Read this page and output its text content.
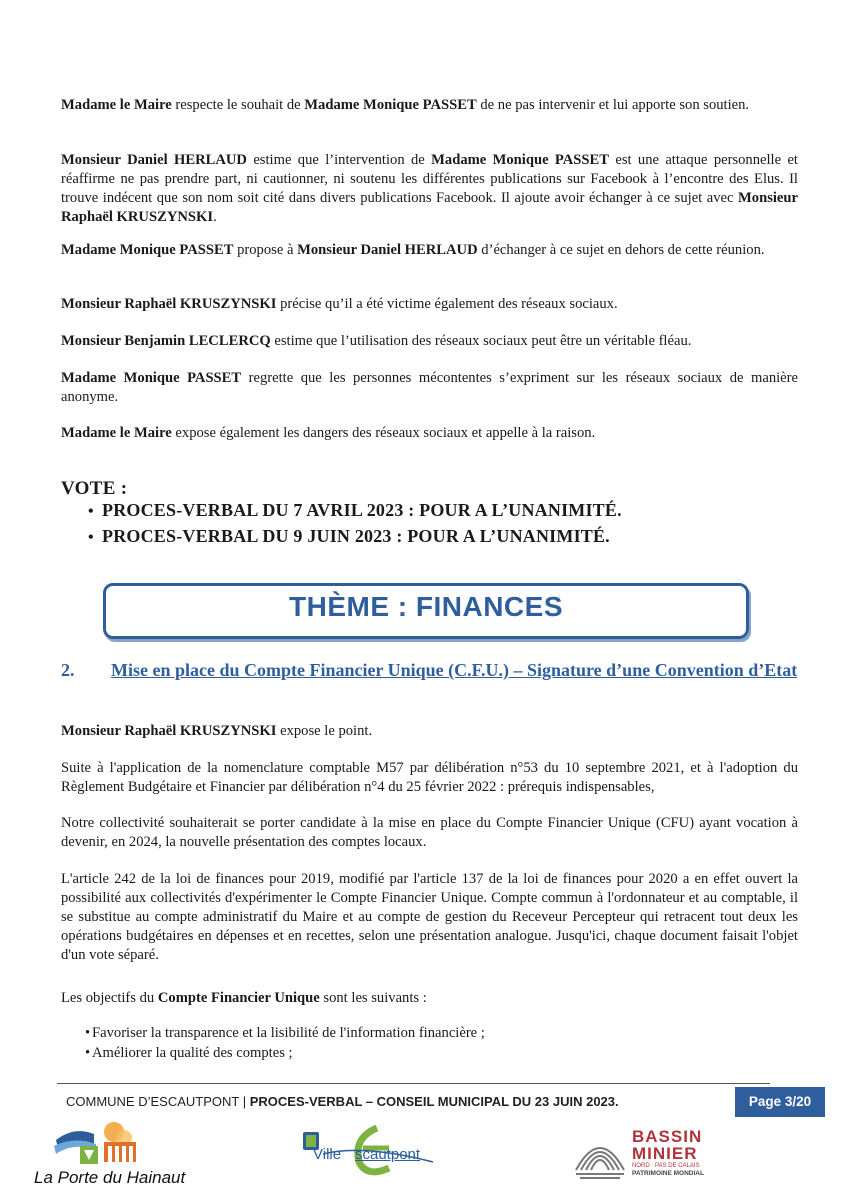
Madame le Maire respecte le souhait de Madame Monique PASSET de ne pas intervenir et lui apporte son soutien.

Monsieur Daniel HERLAUD estime que l’intervention de Madame Monique PASSET est une attaque personnelle et réaffirme ne pas prendre part, ni cautionner, ni soutenu les différentes publications sur Facebook à l’encontre des Elus. Il trouve indécent que son nom soit cité dans divers publications Facebook. Il ajoute avoir échanger à ce sujet avec Monsieur Raphaël KRUSZYNSKI.

Madame Monique PASSET propose à Monsieur Daniel HERLAUD d’échanger à ce sujet en dehors de cette réunion.

Monsieur Raphaël KRUSZYNSKI précise qu’il a été victime également des réseaux sociaux.

Monsieur Benjamin LECLERCQ estime que l’utilisation des réseaux sociaux peut être un véritable fléau.

Madame Monique PASSET regrette que les personnes mécontentes s’expriment sur les réseaux sociaux de manière anonyme.

Madame le Maire expose également les dangers des réseaux sociaux et appelle à la raison.

VOTE :
• PROCES-VERBAL DU 7 AVRIL 2023 : POUR A L’UNANIMITÉ.
• PROCES-VERBAL DU 9 JUIN 2023 : POUR A L’UNANIMITÉ.
THÈME : FINANCES

2. Mise en place du Compte Financier Unique (C.F.U.) – Signature d’une Convention d’Etat

Monsieur Raphaël KRUSZYNSKI expose le point.

Suite à l'application de la nomenclature comptable M57 par délibération n°53 du 10 septembre 2021, et à l'adoption du Règlement Budgétaire et Financier par délibération n°4 du 25 février 2022 : prérequis indispensables,

Notre collectivité souhaiterait se porter candidate à la mise en place du Compte Financier Unique (CFU) ayant vocation à devenir, en 2024, la nouvelle présentation des comptes locaux.

L'article 242 de la loi de finances pour 2019, modifié par l'article 137 de la loi de finances pour 2020 a en effet ouvert la possibilité aux collectivités d'expérimenter le Compte Financier Unique. Compte commun à l'ordonnateur et au comptable, il se substitue au compte administratif du Maire et au compte de gestion du Receveur Percepteur qui retracent tout deux les opérations budgétaires en dépenses et en recettes, selon une présentation analogue. Jusqu'ici, chaque document faisait l'objet d'un vote séparé.

Les objectifs du Compte Financier Unique sont les suivants :

• Favoriser la transparence et la lisibilité de l'information financière ;
• Améliorer la qualité des comptes ;
COMMUNE D’ESCAUTPONT | PROCES-VERBAL – CONSEIL MUNICIPAL DU 23 JUIN 2023.	Page 3/20
La Porte du Hainaut
Ville scautpont
BASSIN
MINIER
NORD · PAS DE CALAIS
PATRIMOINE MONDIAL
